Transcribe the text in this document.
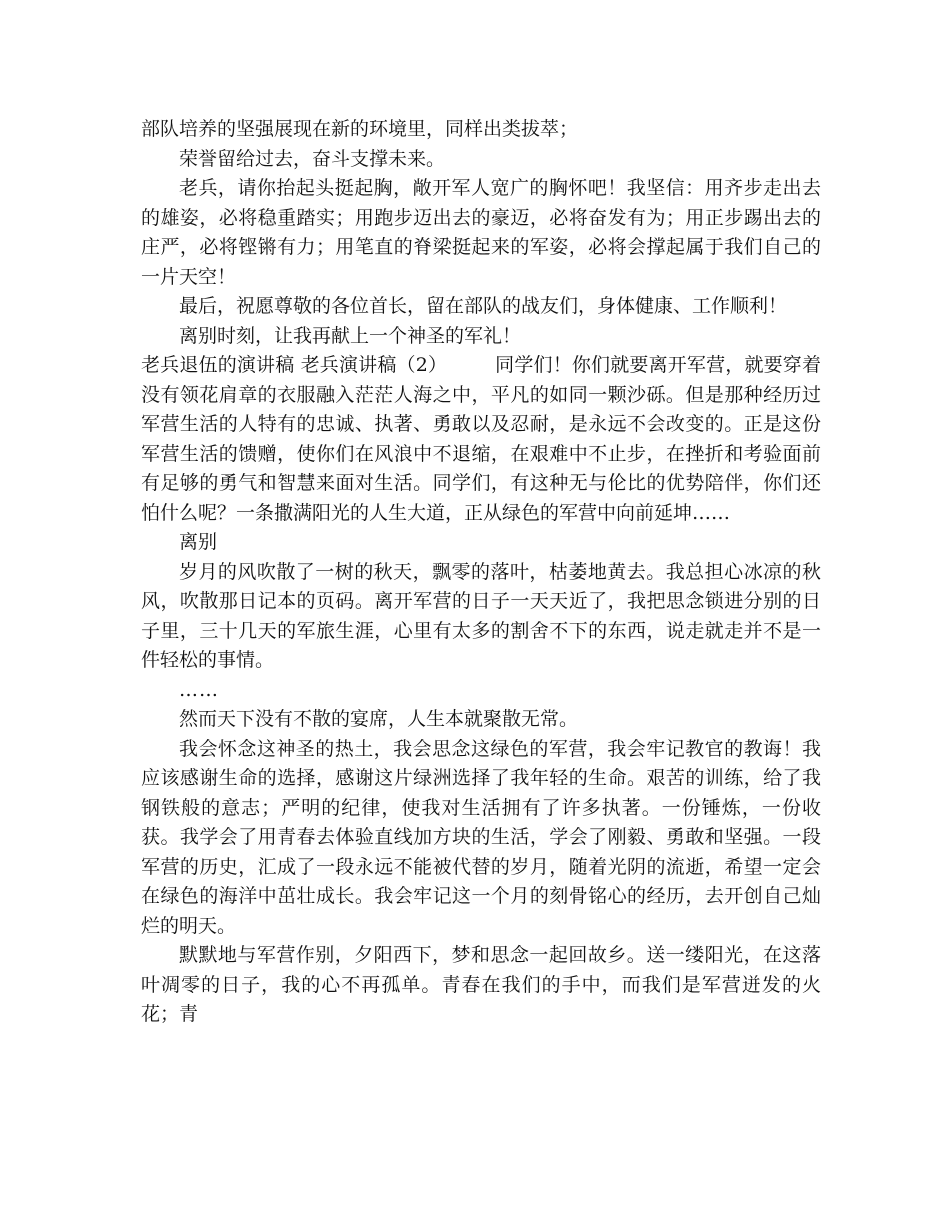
部队培养的坚强展现在新的环境里，同样出类拔萃；

荣誉留给过去，奋斗支撑未来。

老兵，请你抬起头挺起胸，敞开军人宽广的胸怀吧！我坚信：用齐步走出去的雄姿，必将稳重踏实；用跑步迈出去的豪迈，必将奋发有为；用正步踢出去的庄严，必将铿锵有力；用笔直的脊梁挺起来的军姿，必将会撑起属于我们自己的一片天空！

最后，祝愿尊敬的各位首长，留在部队的战友们，身体健康、工作顺利！

离别时刻，让我再献上一个神圣的军礼！

老兵退伍的演讲稿 老兵演讲稿（2）　　　同学们！你们就要离开军营，就要穿着没有领花肩章的衣服融入茫茫人海之中，平凡的如同一颗沙砾。但是那种经历过军营生活的人特有的忠诚、执著、勇敢以及忍耐，是永远不会改变的。正是这份军营生活的馈赠，使你们在风浪中不退缩，在艰难中不止步，在挫折和考验面前有足够的勇气和智慧来面对生活。同学们，有这种无与伦比的优势陪伴，你们还怕什么呢？一条撒满阳光的人生大道，正从绿色的军营中向前延坤……

离别

岁月的风吹散了一树的秋天，飘零的落叶，枯萎地黄去。我总担心冰凉的秋风，吹散那日记本的页码。离开军营的日子一天天近了，我把思念锁进分别的日子里，三十几天的军旅生涯，心里有太多的割舍不下的东西，说走就走并不是一件轻松的事情。

……

然而天下没有不散的宴席，人生本就聚散无常。

我会怀念这神圣的热土，我会思念这绿色的军营，我会牢记教官的教诲！我应该感谢生命的选择，感谢这片绿洲选择了我年轻的生命。艰苦的训练，给了我钢铁般的意志；严明的纪律，使我对生活拥有了许多执著。一份锤炼，一份收获。我学会了用青春去体验直线加方块的生活，学会了刚毅、勇敢和坚强。一段军营的历史，汇成了一段永远不能被代替的岁月，随着光阴的流逝，希望一定会在绿色的海洋中茁壮成长。我会牢记这一个月的刻骨铭心的经历，去开创自己灿烂的明天。

默默地与军营作别，夕阳西下，梦和思念一起回故乡。送一缕阳光，在这落叶凋零的日子，我的心不再孤单。青春在我们的手中，而我们是军营迸发的火花；青
